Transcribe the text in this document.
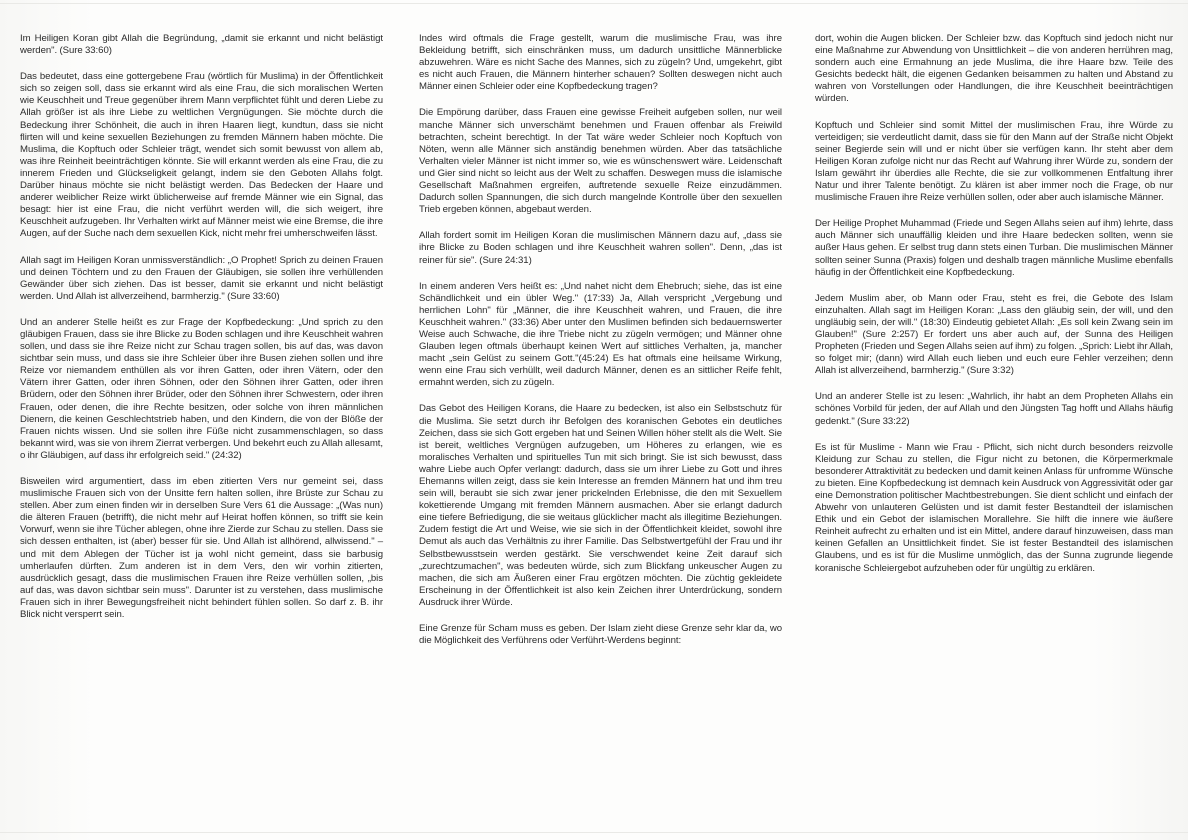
Im Heiligen Koran gibt Allah die Begründung, „damit sie erkannt und nicht belästigt werden". (Sure 33:60)

Das bedeutet, dass eine gottergebene Frau (wörtlich für Muslima) in der Öffentlichkeit sich so zeigen soll, dass sie erkannt wird als eine Frau, die sich moralischen Werten wie Keuschheit und Treue gegenüber ihrem Mann verpflichtet fühlt und deren Liebe zu Allah größer ist als ihre Liebe zu weltlichen Vergnügungen. Sie möchte durch die Bedeckung ihrer Schönheit, die auch in ihren Haaren liegt, kundtun, dass sie nicht flirten will und keine sexuellen Beziehungen zu fremden Männern haben möchte. Die Muslima, die Kopftuch oder Schleier trägt, wendet sich somit bewusst von allem ab, was ihre Reinheit beeinträchtigen könnte. Sie will erkannt werden als eine Frau, die zu innerem Frieden und Glückseligkeit gelangt, indem sie den Geboten Allahs folgt. Darüber hinaus möchte sie nicht belästigt werden. Das Bedecken der Haare und anderer weiblicher Reize wirkt üblicherweise auf fremde Männer wie ein Signal, das besagt: hier ist eine Frau, die nicht verführt werden will, die sich weigert, ihre Keuschheit aufzugeben. Ihr Verhalten wirkt auf Männer meist wie eine Bremse, die ihre Augen, auf der Suche nach dem sexuellen Kick, nicht mehr frei umherschweifen lässt.

Allah sagt im Heiligen Koran unmissverständlich: „O Prophet! Sprich zu deinen Frauen und deinen Töchtern und zu den Frauen der Gläubigen, sie sollen ihre verhüllenden Gewänder über sich ziehen. Das ist besser, damit sie erkannt und nicht belästigt werden. Und Allah ist allverzeihend, barmherzig." (Sure 33:60)

Und an anderer Stelle heißt es zur Frage der Kopfbedeckung: „Und sprich zu den gläubigen Frauen, dass sie ihre Blicke zu Boden schlagen und ihre Keuschheit wahren sollen, und dass sie ihre Reize nicht zur Schau tragen sollen, bis auf das, was davon sichtbar sein muss, und dass sie ihre Schleier über ihre Busen ziehen sollen und ihre Reize vor niemandem enthüllen als vor ihren Gatten, oder ihren Vätern, oder den Vätern ihrer Gatten, oder ihren Söhnen, oder den Söhnen ihrer Gatten, oder ihren Brüdern, oder den Söhnen ihrer Brüder, oder den Söhnen ihrer Schwestern, oder ihren Frauen, oder denen, die ihre Rechte besitzen, oder solche von ihren männlichen Dienern, die keinen Geschlechtstrieb haben, und den Kindern, die von der Blöße der Frauen nichts wissen. Und sie sollen ihre Füße nicht zusammenschlagen, so dass bekannt wird, was sie von ihrem Zierrat verbergen. Und bekehrt euch zu Allah allesamt, o ihr Gläubigen, auf dass ihr erfolgreich seid." (24:32)

Bisweilen wird argumentiert, dass im eben zitierten Vers nur gemeint sei, dass muslimische Frauen sich von der Unsitte fern halten sollen, ihre Brüste zur Schau zu stellen. Aber zum einen finden wir in derselben Sure Vers 61 die Aussage: „(Was nun) die älteren Frauen (betrifft), die nicht mehr auf Heirat hoffen können, so trifft sie kein Vorwurf, wenn sie ihre Tücher ablegen, ohne ihre Zierde zur Schau zu stellen. Dass sie sich dessen enthalten, ist (aber) besser für sie. Und Allah ist allhörend, allwissend." – und mit dem Ablegen der Tücher ist ja wohl nicht gemeint, dass sie barbusig umherlaufen dürften. Zum anderen ist in dem Vers, den wir vorhin zitierten, ausdrücklich gesagt, dass die muslimischen Frauen ihre Reize verhüllen sollen, „bis auf das, was davon sichtbar sein muss". Darunter ist zu verstehen, dass muslimische Frauen sich in ihrer Bewegungsfreiheit nicht behindert fühlen sollen. So darf z. B. ihr Blick nicht versperrt sein.

Indes wird oftmals die Frage gestellt, warum die muslimische Frau, was ihre Bekleidung betrifft, sich einschränken muss, um dadurch unsittliche Männerblicke abzuwehren. Wäre es nicht Sache des Mannes, sich zu zügeln? Und, umgekehrt, gibt es nicht auch Frauen, die Männern hinterher schauen? Sollten deswegen nicht auch Männer einen Schleier oder eine Kopfbedeckung tragen?

Die Empörung darüber, dass Frauen eine gewisse Freiheit aufgeben sollen, nur weil manche Männer sich unverschämt benehmen und Frauen offenbar als Freiwild betrachten, scheint berechtigt. In der Tat wäre weder Schleier noch Kopftuch von Nöten, wenn alle Männer sich anständig benehmen würden. Aber das tatsächliche Verhalten vieler Männer ist nicht immer so, wie es wünschenswert wäre. Leidenschaft und Gier sind nicht so leicht aus der Welt zu schaffen. Deswegen muss die islamische Gesellschaft Maßnahmen ergreifen, auftretende sexuelle Reize einzudämmen. Dadurch sollen Spannungen, die sich durch mangelnde Kontrolle über den sexuellen Trieb ergeben können, abgebaut werden.

Allah fordert somit im Heiligen Koran die muslimischen Männern dazu auf, „dass sie ihre Blicke zu Boden schlagen und ihre Keuschheit wahren sollen". Denn, „das ist reiner für sie". (Sure 24:31)

In einem anderen Vers heißt es: „Und nahet nicht dem Ehebruch; siehe, das ist eine Schändlichkeit und ein übler Weg." (17:33) Ja, Allah verspricht „Vergebung und herrlichen Lohn" für „Männer, die ihre Keuschheit wahren, und Frauen, die ihre Keuschheit wahren." (33:36) Aber unter den Muslimen befinden sich bedauernswerter Weise auch Schwache, die ihre Triebe nicht zu zügeln vermögen; und Männer ohne Glauben legen oftmals überhaupt keinen Wert auf sittliches Verhalten, ja, mancher macht „sein Gelüst zu seinem Gott."(45:24) Es hat oftmals eine heilsame Wirkung, wenn eine Frau sich verhüllt, weil dadurch Männer, denen es an sittlicher Reife fehlt, ermahnt werden, sich zu zügeln.

Das Gebot des Heiligen Korans, die Haare zu bedecken, ist also ein Selbstschutz für die Muslima. Sie setzt durch ihr Befolgen des koranischen Gebotes ein deutliches Zeichen, dass sie sich Gott ergeben hat und Seinen Willen höher stellt als die Welt. Sie ist bereit, weltliches Vergnügen aufzugeben, um Höheres zu erlangen, wie es moralisches Verhalten und spirituelles Tun mit sich bringt. Sie ist sich bewusst, dass wahre Liebe auch Opfer verlangt: dadurch, dass sie um ihrer Liebe zu Gott und ihres Ehemanns willen zeigt, dass sie kein Interesse an fremden Männern hat und ihm treu sein will, beraubt sie sich zwar jener prickelnden Erlebnisse, die den mit Sexuellem kokettierende Umgang mit fremden Männern ausmachen. Aber sie erlangt dadurch eine tiefere Befriedigung, die sie weitaus glücklicher macht als illegitime Beziehungen. Zudem festigt die Art und Weise, wie sie sich in der Öffentlichkeit kleidet, sowohl ihre Demut als auch das Verhältnis zu ihrer Familie. Das Selbstwertgefühl der Frau und ihr Selbstbewusstsein werden gestärkt. Sie verschwendet keine Zeit darauf sich „zurechtzumachen", was bedeuten würde, sich zum Blickfang unkeuscher Augen zu machen, die sich am Äußeren einer Frau ergötzen möchten. Die züchtig gekleidete Erscheinung in der Öffentlichkeit ist also kein Zeichen ihrer Unterdrückung, sondern Ausdruck ihrer Würde.

Eine Grenze für Scham muss es geben. Der Islam zieht diese Grenze sehr klar da, wo die Möglichkeit des Verführens oder Verführt-Werdens beginnt:

dort, wohin die Augen blicken. Der Schleier bzw. das Kopftuch sind jedoch nicht nur eine Maßnahme zur Abwendung von Unsittlichkeit – die von anderen herrühren mag, sondern auch eine Ermahnung an jede Muslima, die ihre Haare bzw. Teile des Gesichts bedeckt hält, die eigenen Gedanken beisammen zu halten und Abstand zu wahren von Vorstellungen oder Handlungen, die ihre Keuschheit beeinträchtigen würden.

Kopftuch und Schleier sind somit Mittel der muslimischen Frau, ihre Würde zu verteidigen; sie verdeutlicht damit, dass sie für den Mann auf der Straße nicht Objekt seiner Begierde sein will und er nicht über sie verfügen kann. Ihr steht aber dem Heiligen Koran zufolge nicht nur das Recht auf Wahrung ihrer Würde zu, sondern der Islam gewährt ihr überdies alle Rechte, die sie zur vollkommenen Entfaltung ihrer Natur und ihrer Talente benötigt. Zu klären ist aber immer noch die Frage, ob nur muslimische Frauen ihre Reize verhüllen sollen, oder aber auch islamische Männer.

Der Heilige Prophet Muhammad (Friede und Segen Allahs seien auf ihm) lehrte, dass auch Männer sich unauffällig kleiden und ihre Haare bedecken sollten, wenn sie außer Haus gehen. Er selbst trug dann stets einen Turban. Die muslimischen Männer sollten seiner Sunna (Praxis) folgen und deshalb tragen männliche Muslime ebenfalls häufig in der Öffentlichkeit eine Kopfbedeckung.

Jedem Muslim aber, ob Mann oder Frau, steht es frei, die Gebote des Islam einzuhalten. Allah sagt im Heiligen Koran: „Lass den gläubig sein, der will, und den ungläubig sein, der will." (18:30) Eindeutig gebietet Allah: „Es soll kein Zwang sein im Glauben!" (Sure 2:257) Er fordert uns aber auch auf, der Sunna des Heiligen Propheten (Frieden und Segen Allahs seien auf ihm) zu folgen. „Sprich: Liebt ihr Allah, so folget mir; (dann) wird Allah euch lieben und euch eure Fehler verzeihen; denn Allah ist allverzeihend, barmherzig." (Sure 3:32)

Und an anderer Stelle ist zu lesen: „Wahrlich, ihr habt an dem Propheten Allahs ein schönes Vorbild für jeden, der auf Allah und den Jüngsten Tag hofft und Allahs häufig gedenkt." (Sure 33:22)

Es ist für Muslime - Mann wie Frau - Pflicht, sich nicht durch besonders reizvolle Kleidung zur Schau zu stellen, die Figur nicht zu betonen, die Körpermerkmale besonderer Attraktivität zu bedecken und damit keinen Anlass für unfromme Wünsche zu bieten. Eine Kopfbedeckung ist demnach kein Ausdruck von Aggressivität oder gar eine Demonstration politischer Machtbestrebungen. Sie dient schlicht und einfach der Abwehr von unlauteren Gelüsten und ist damit fester Bestandteil der islamischen Ethik und ein Gebot der islamischen Morallehre. Sie hilft die innere wie äußere Reinheit aufrecht zu erhalten und ist ein Mittel, andere darauf hinzuweisen, dass man keinen Gefallen an Unsittlichkeit findet. Sie ist fester Bestandteil des islamischen Glaubens, und es ist für die Muslime unmöglich, das der Sunna zugrunde liegende koranische Schleiergebot aufzuheben oder für ungültig zu erklären.
